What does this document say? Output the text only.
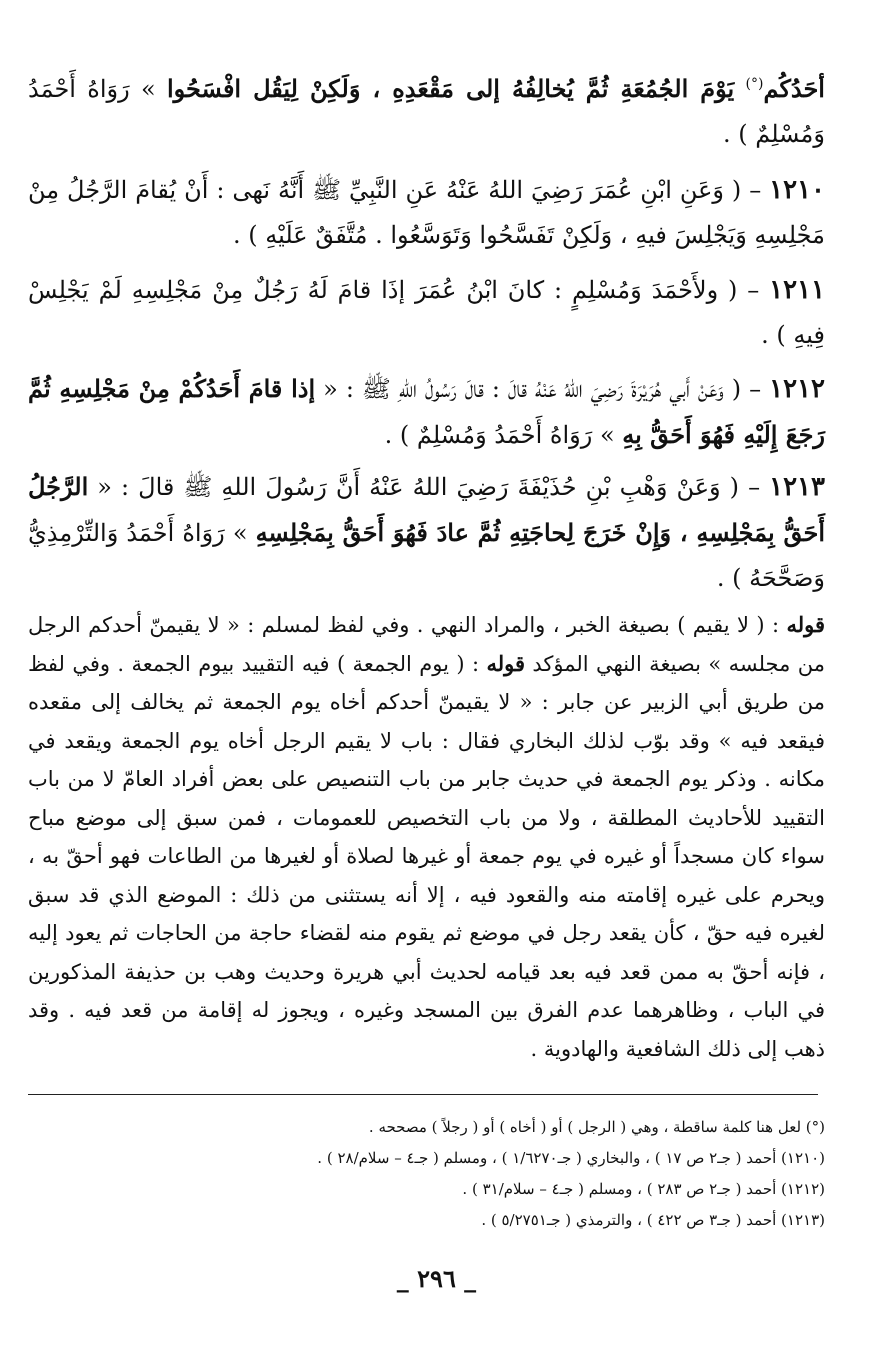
أحَدُكُم(°) يَوْمَ الجُمُعَةِ ثُمَّ يُخالِفُهُ إلى مَقْعَدِهِ ، وَلَكِنْ لِيَقُل افْسَحُوا » رَوَاهُ أَحْمَدُ وَمُسْلِمٌ ) .
١٢١٠ – ( وَعَنِ ابْنِ عُمَرَ رَضِيَ اللهُ عَنْهُ عَنِ النَّبِيِّ ﷺ أَنَّهُ نَهى : أَنْ يُقامَ الرَّجُلُ مِنْ مَجْلِسِهِ وَيَجْلِسَ فيهِ ، وَلَكِنْ تَفَسَّحُوا وَتَوَسَّعُوا . مُتَّفَقٌ عَلَيْهِ ) .
١٢١١ – ( ولأَحْمَدَ وَمُسْلِمٍ : كانَ ابْنُ عُمَرَ إذَا قامَ لَهُ رَجُلٌ مِنْ مَجْلِسِهِ لَمْ يَجْلِسْ فِيهِ ) .
١٢١٢ – ( وَعَنْ أَبي هُرَيْرَةَ رَضِيَ اللهُ عَنْهُ قالَ : قالَ رَسُولُ اللهِ ﷺ : « إذا قامَ أَحَدُكُمْ مِنْ مَجْلِسِهِ ثُمَّ رَجَعَ إِلَيْهِ فَهُوَ أَحَقُّ بِهِ » رَوَاهُ أَحْمَدُ وَمُسْلِمٌ ) .
١٢١٣ – ( وَعَنْ وَهْبِ بْنِ حُذَيْفَةَ رَضِيَ اللهُ عَنْهُ أَنَّ رَسُولَ اللهِ ﷺ قالَ : « الرَّجُلُ أَحَقُّ بِمَجْلِسِهِ ، وَإِنْ خَرَجَ لِحاجَتِهِ ثُمَّ عادَ فَهُوَ أَحَقُّ بِمَجْلِسِهِ » رَوَاهُ أَحْمَدُ وَالتِّرْمِذِيُّ وَصَحَّحَهُ ) .
قوله : ( لا يقيم ) بصيغة الخبر ، والمراد النهي . وفي لفظ لمسلم : « لا يقيمنّ أحدكم الرجل من مجلسه » بصيغة النهي المؤكد قوله : ( يوم الجمعة ) فيه التقييد بيوم الجمعة . وفي لفظ من طريق أبي الزبير عن جابر : « لا يقيمنّ أحدكم أخاه يوم الجمعة ثم يخالف إلى مقعده فيقعد فيه » وقد بوّب لذلك البخاري فقال : باب لا يقيم الرجل أخاه يوم الجمعة ويقعد في مكانه . وذكر يوم الجمعة في حديث جابر من باب التنصيص على بعض أفراد العامّ لا من باب التقييد للأحاديث المطلقة ، ولا من باب التخصيص للعمومات ، فمن سبق إلى موضع مباح سواء كان مسجداً أو غيره في يوم جمعة أو غيرها لصلاة أو لغيرها من الطاعات فهو أحقّ به ، ويحرم على غيره إقامته منه والقعود فيه ، إلا أنه يستثنى من ذلك : الموضع الذي قد سبق لغيره فيه حقّ ، كأن يقعد رجل في موضع ثم يقوم منه لقضاء حاجة من الحاجات ثم يعود إليه ، فإنه أحقّ به ممن قعد فيه بعد قيامه لحديث أبي هريرة وحديث وهب بن حذيفة المذكورين في الباب ، وظاهرهما عدم الفرق بين المسجد وغيره ، ويجوز له إقامة من قعد فيه . وقد ذهب إلى ذلك الشافعية والهادوية .
(°) لعل هنا كلمة ساقطة ، وهي ( الرجل ) أو ( أخاه ) أو ( رجلاً ) مصححه .
(١٢١٠) أحمد ( جـ٢ ص ١٧ ) ، والبخاري ( جـ١/٦٢٧٠ ) ، ومسلم ( جـ٤ – سلام/٢٨ ) .
(١٢١٢) أحمد ( جـ٢ ص ٢٨٣ ) ، ومسلم ( جـ٤ – سلام/٣١ ) .
(١٢١٣) أحمد ( جـ٣ ص ٤٢٢ ) ، والترمذي ( جـ٥/٢٧٥١ ) .
_ ٢٩٦ _
